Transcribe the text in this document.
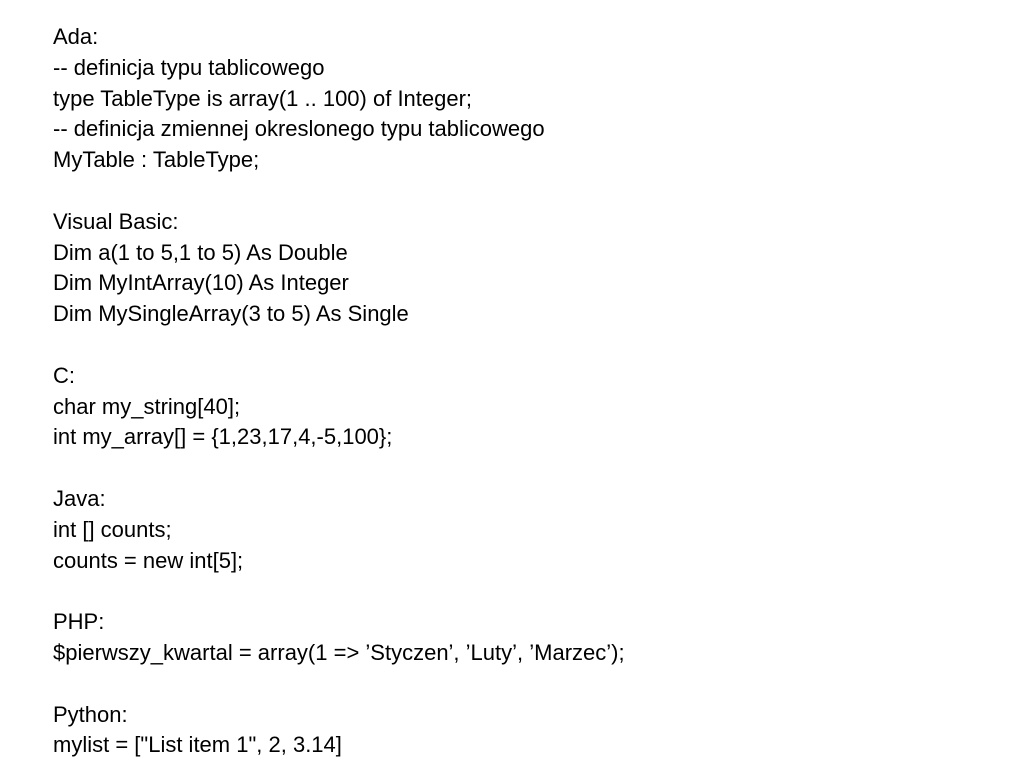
Ada:
-- definicja typu tablicowego
type TableType is array(1 .. 100) of Integer;
-- definicja zmiennej okreslonego typu tablicowego
MyTable : TableType;
Visual Basic:
Dim a(1 to 5,1 to 5) As Double
Dim MyIntArray(10) As Integer
Dim MySingleArray(3 to 5) As Single
C:
char my_string[40];
int my_array[] = {1,23,17,4,-5,100};
Java:
int [] counts;
counts = new int[5];
PHP:
$pierwszy_kwartal = array(1 => ’Styczen’, ’Luty’, ’Marzec’);
Python:
mylist = ["List item 1", 2, 3.14]
